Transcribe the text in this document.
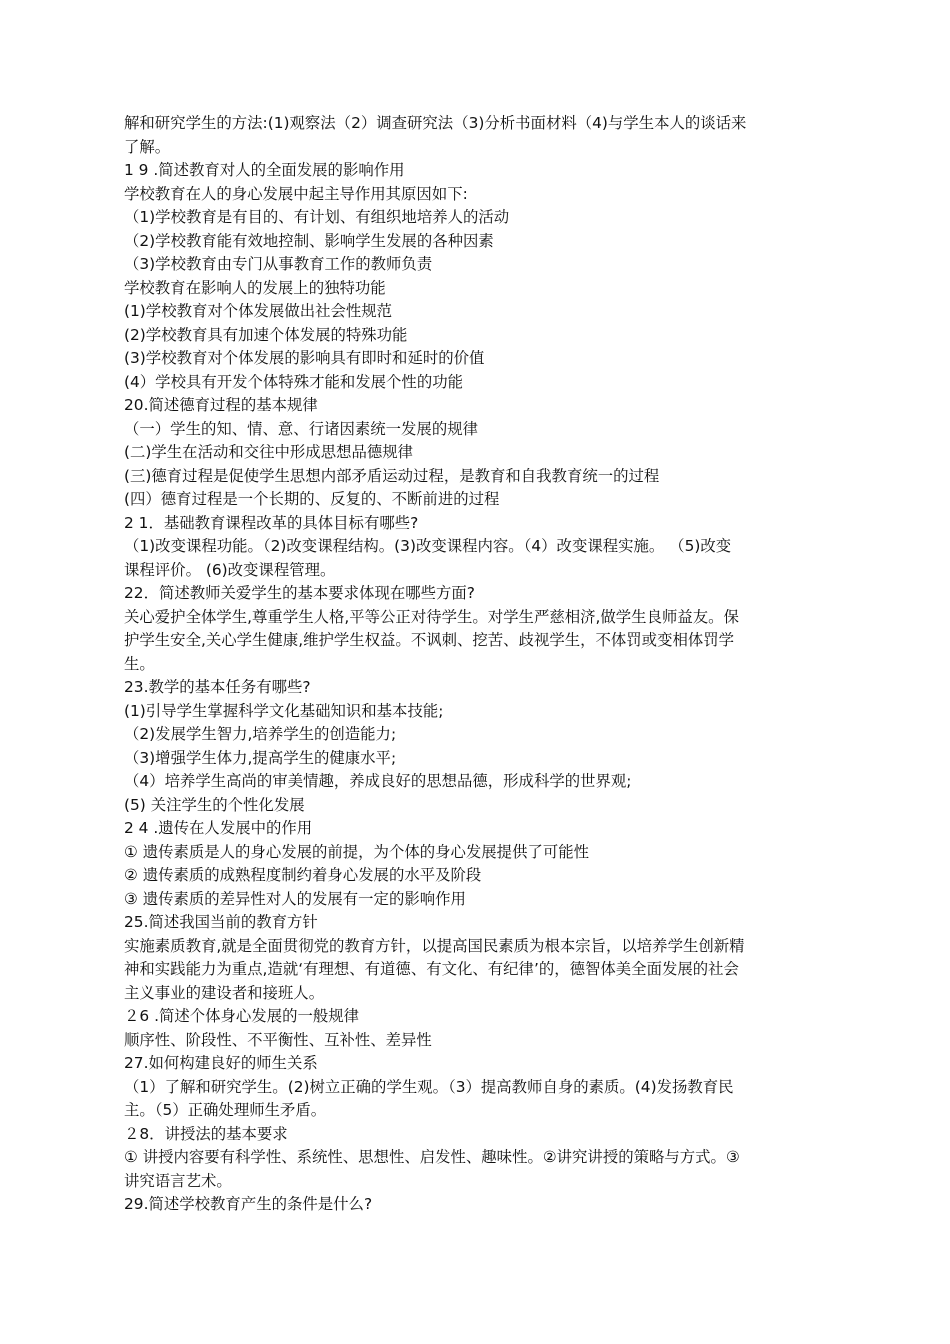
解和研究学生的方法:(1)观察法（2）调查研究法（3)分析书面材料（4)与学生本人的谈话来
了解。
1 9 .简述教育对人的全面发展的影响作用
学校教育在人的身心发展中起主导作用其原因如下:
（1)学校教育是有目的、有计划、有组织地培养人的活动
（2)学校教育能有效地控制、影响学生发展的各种因素
（3)学校教育由专门从事教育工作的教师负责
学校教育在影响人的发展上的独特功能
(1)学校教育对个体发展做出社会性规范
(2)学校教育具有加速个体发展的特殊功能
(3)学校教育对个体发展的影响具有即时和延时的价值
(4）学校具有开发个体特殊才能和发展个性的功能
20.简述德育过程的基本规律
（一）学生的知、情、意、行诸因素统一发展的规律
(二)学生在活动和交往中形成思想品德规律
(三)德育过程是促使学生思想内部矛盾运动过程，是教育和自我教育统一的过程
(四）德育过程是一个长期的、反复的、不断前进的过程
2 1．基础教育课程改革的具体目标有哪些?
（1)改变课程功能。（2)改变课程结构。(3)改变课程内容。（4）改变课程实施。 （5)改变
课程评价。 (6)改变课程管理。
22．简述教师关爱学生的基本要求体现在哪些方面?
关心爱护全体学生,尊重学生人格,平等公正对待学生。对学生严慈相济,做学生良师益友。保
护学生安全,关心学生健康,维护学生权益。不讽刺、挖苦、歧视学生，不体罚或变相体罚学
生。
23.教学的基本任务有哪些?
(1)引导学生掌握科学文化基础知识和基本技能;
（2)发展学生智力,培养学生的创造能力;
（3)增强学生体力,提高学生的健康水平;
（4）培养学生高尚的审美情趣，养成良好的思想品德，形成科学的世界观;
(5) 关注学生的个性化发展
2 4 .遗传在人发展中的作用
① 遗传素质是人的身心发展的前提，为个体的身心发展提供了可能性
② 遗传素质的成熟程度制约着身心发展的水平及阶段
③ 遗传素质的差异性对人的发展有一定的影响作用
25.简述我国当前的教育方针
实施素质教育,就是全面贯彻党的教育方针，以提高国民素质为根本宗旨，以培养学生创新精
神和实践能力为重点,造就‘有理想、有道德、有文化、有纪律’的，德智体美全面发展的社会
主义事业的建设者和接班人。
２6 .简述个体身心发展的一般规律
顺序性、阶段性、不平衡性、互补性、差异性
27.如何构建良好的师生关系
（1）了解和研究学生。(2)树立正确的学生观。（3）提高教师自身的素质。(4)发扬教育民
主。（5）正确处理师生矛盾。
２8．讲授法的基本要求
① 讲授内容要有科学性、系统性、思想性、启发性、趣味性。②讲究讲授的策略与方式。③
讲究语言艺术。
29.简述学校教育产生的条件是什么?
